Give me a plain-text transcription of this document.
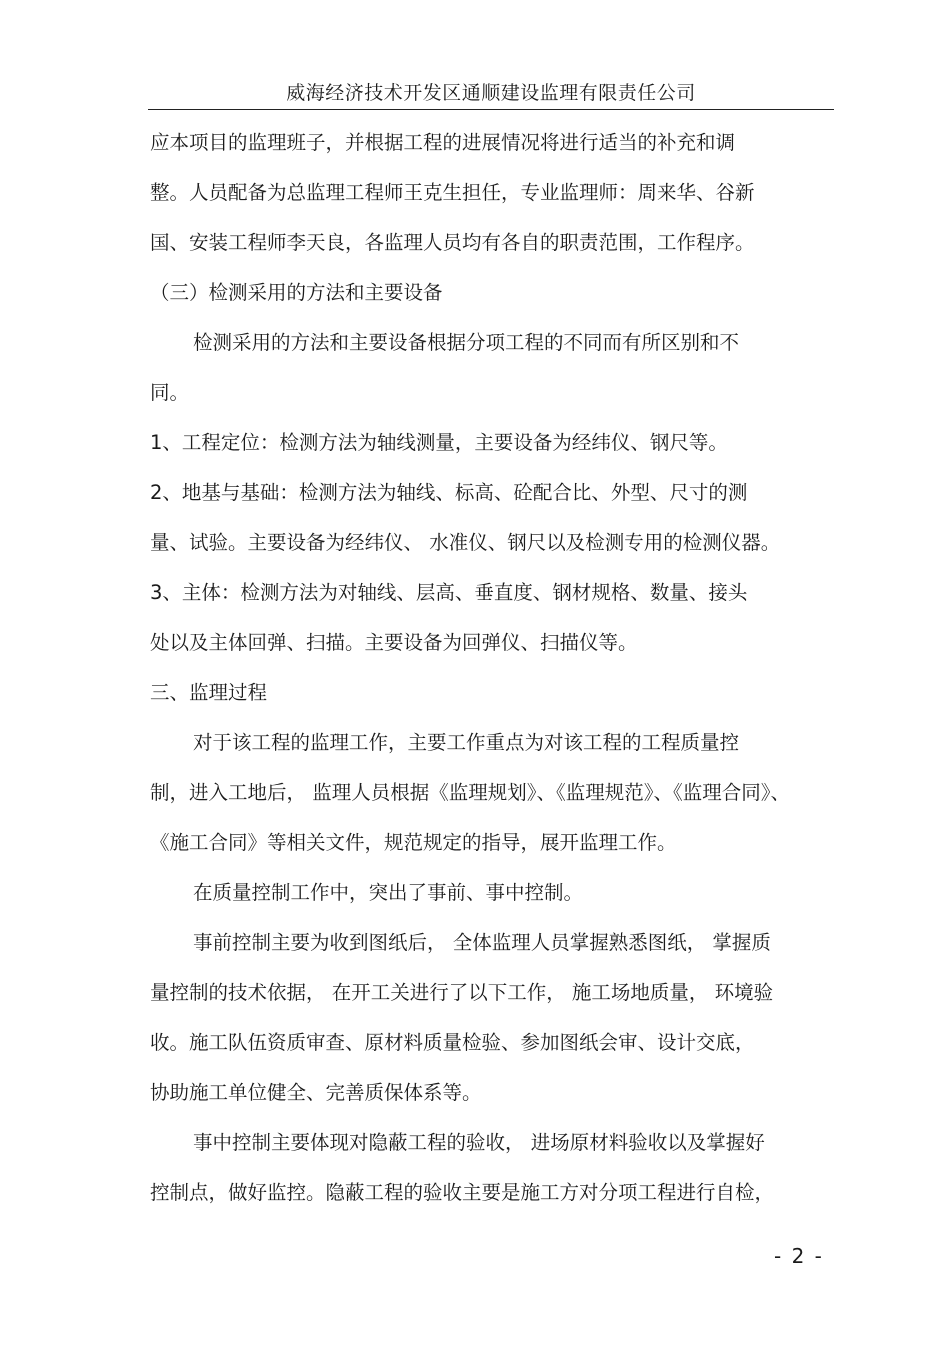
威海经济技术开发区通顺建设监理有限责任公司
应本项目的监理班子，并根据工程的进展情况将进行适当的补充和调
整。人员配备为总监理工程师王克生担任，专业监理师：周来华、谷新
国、安装工程师李天良，各监理人员均有各自的职责范围，工作程序。
（三）检测采用的方法和主要设备
检测采用的方法和主要设备根据分项工程的不同而有所区别和不
同。
1、工程定位：检测方法为轴线测量，主要设备为经纬仪、钢尺等。
2、地基与基础：检测方法为轴线、标高、砼配合比、外型、尺寸的测
量、试验。主要设备为经纬仪、 水准仪、钢尺以及检测专用的检测仪器。
3、主体：检测方法为对轴线、层高、垂直度、钢材规格、数量、接头
处以及主体回弹、扫描。主要设备为回弹仪、扫描仪等。
三、监理过程
对于该工程的监理工作，主要工作重点为对该工程的工程质量控
制，进入工地后， 监理人员根据《监理规划》、《监理规范》、《监理合同》、
《施工合同》等相关文件，规范规定的指导，展开监理工作。
在质量控制工作中，突出了事前、事中控制。
事前控制主要为收到图纸后， 全体监理人员掌握熟悉图纸， 掌握质
量控制的技术依据， 在开工关进行了以下工作， 施工场地质量， 环境验
收。施工队伍资质审查、原材料质量检验、参加图纸会审、设计交底，
协助施工单位健全、完善质保体系等。
事中控制主要体现对隐蔽工程的验收， 进场原材料验收以及掌握好
控制点，做好监控。隐蔽工程的验收主要是施工方对分项工程进行自检，
- 2 -
